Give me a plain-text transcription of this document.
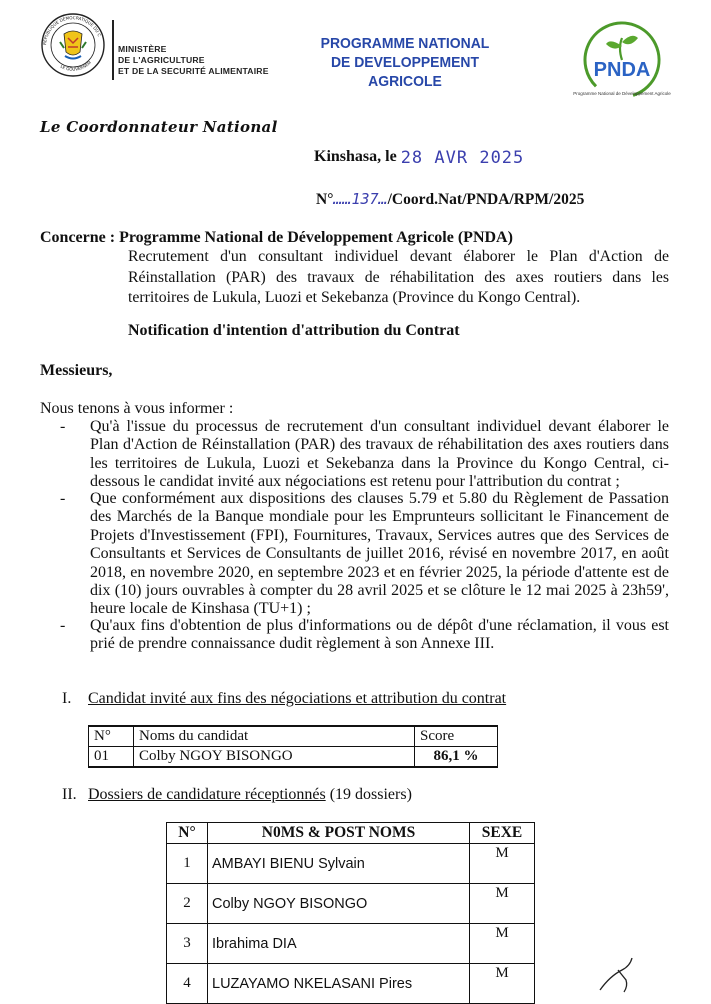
RÉPUBLIQUE DÉMOCRATIQUE DU C
LE GOUVERNEM
MINISTÈRE
DE L'AGRICULTURE
ET DE LA SECURITÉ ALIMENTAIRE
PROGRAMME NATIONAL
DE DEVELOPPEMENT
AGRICOLE
PNDA
Programme National de Développement Agricole
Le Coordonnateur National
Kinshasa, le 28 AVR 2025
N°……137…/Coord.Nat/PNDA/RPM/2025
Concerne : Programme National de Développement Agricole (PNDA)
Recrutement d'un consultant individuel devant élaborer le Plan d'Action de Réinstallation (PAR) des travaux de réhabilitation des axes routiers dans les territoires de Lukula, Luozi et Sekebanza (Province du Kongo Central).
Notification d'intention d'attribution du Contrat
Messieurs,
Nous tenons à vous informer :
- Qu'à l'issue du processus de recrutement d'un consultant individuel devant élaborer le Plan d'Action de Réinstallation (PAR) des travaux de réhabilitation des axes routiers dans les territoires de Lukula, Luozi et Sekebanza dans la Province du Kongo Central, ci-dessous le candidat invité aux négociations est retenu pour l'attribution du contrat ;
- Que conformément aux dispositions des clauses 5.79 et 5.80 du Règlement de Passation des Marchés de la Banque mondiale pour les Emprunteurs sollicitant le Financement de Projets d'Investissement (FPI), Fournitures, Travaux, Services autres que des Services de Consultants et Services de Consultants de juillet 2016, révisé en novembre 2017, en août 2018, en novembre 2020, en septembre 2023 et en février 2025, la période d'attente est de dix (10) jours ouvrables à compter du 28 avril 2025 et se clôture le 12 mai 2025 à 23h59', heure locale de Kinshasa (TU+1) ;
- Qu'aux fins d'obtention de plus d'informations ou de dépôt d'une réclamation, il vous est prié de prendre connaissance dudit règlement à son Annexe III.
I. Candidat invité aux fins des négociations et attribution du contrat
N°	Noms du candidat	Score
01	Colby NGOY BISONGO	86,1 %
II. Dossiers de candidature réceptionnés (19 dossiers)
N°	N0MS & POST NOMS	SEXE
1	AMBAYI BIENU Sylvain	M
2	Colby NGOY BISONGO	M
3	Ibrahima DIA	M
4	LUZAYAMO NKELASANI Pires	M
